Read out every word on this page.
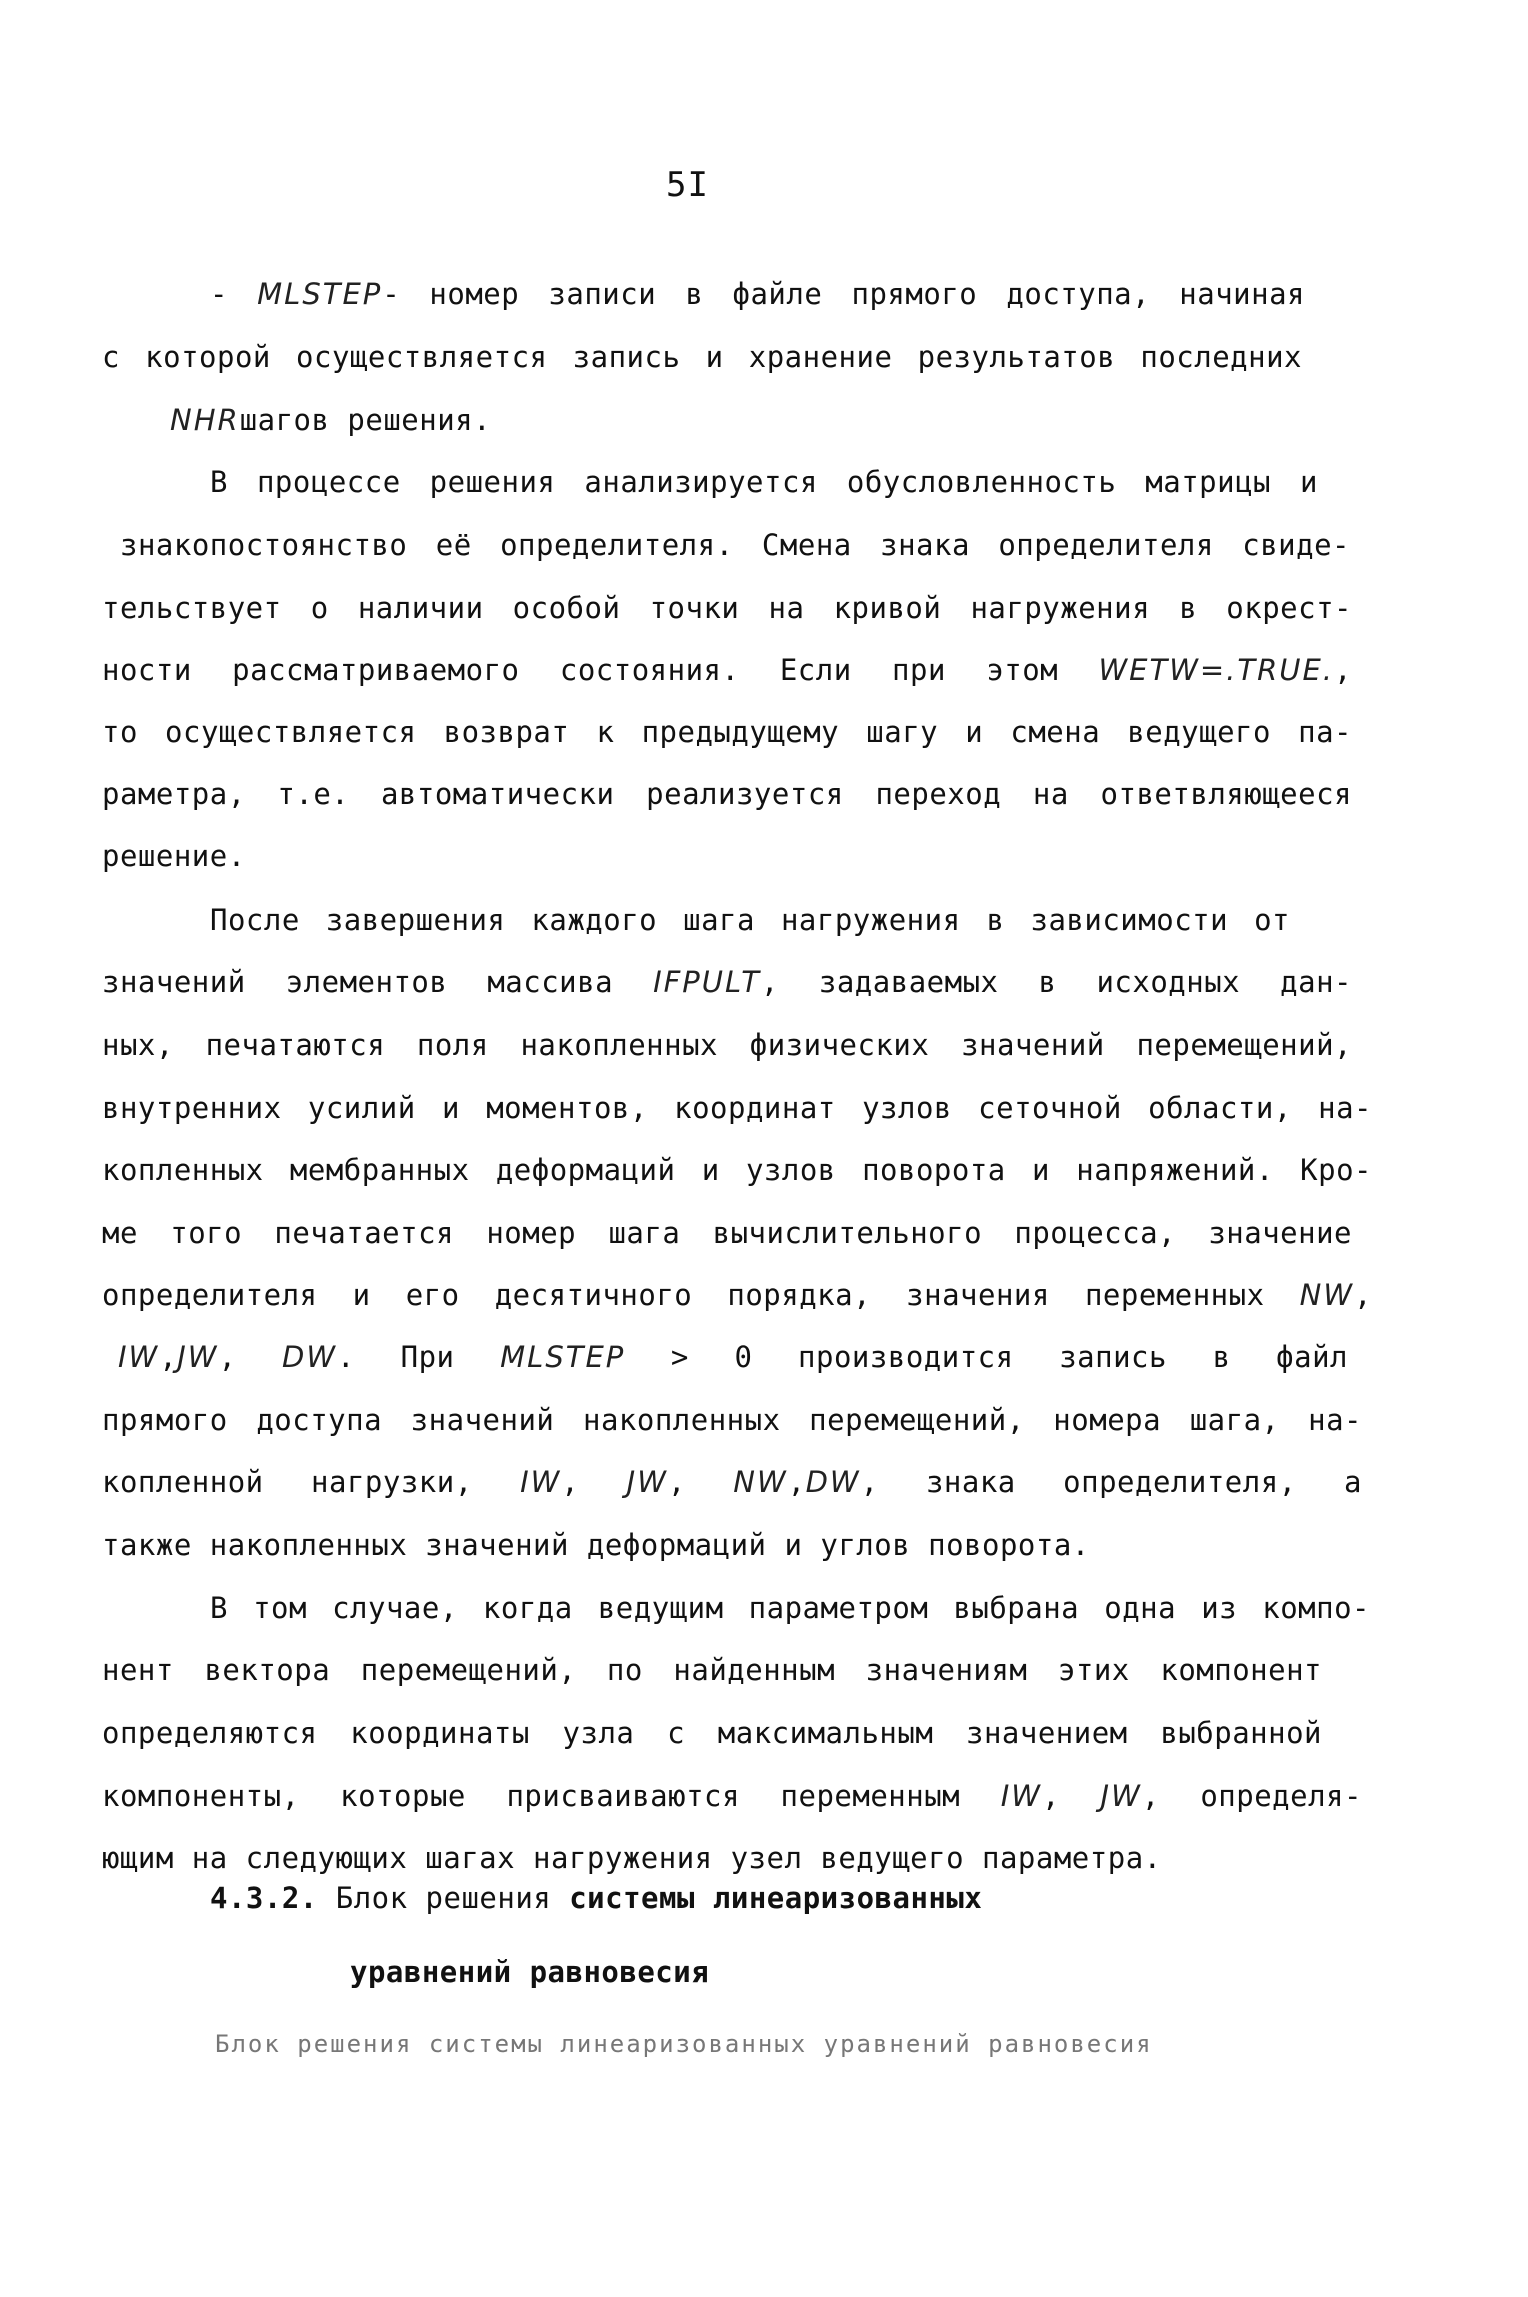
5I
- MLSTEP- номер записи в файле прямого доступа, начиная
с которой осуществляется запись и хранение результатов последних
NHRшагов решения.
В процессе решения анализируется обусловленность матрицы и
знакопостоянство её определителя. Смена знака определителя свиде-
тельствует о наличии особой точки на кривой нагружения в окрест-
ности рассматриваемого состояния. Если при этом WETW=.TRUE.,
то осуществляется возврат к предыдущему шагу и смена ведущего па-
раметра, т.е. автоматически реализуется переход на ответвляющееся
решение.
После завершения каждого шага нагружения в зависимости от
значений элементов массива IFPULT, задаваемых в исходных дан-
ных, печатаются поля накопленных физических значений перемещений,
внутренних усилий и моментов, координат узлов сеточной области, на-
копленных мембранных деформаций и узлов поворота и напряжений. Кро-
ме того печатается номер шага вычислительного процесса, значение
определителя и его десятичного порядка, значения переменных NW,
IW,JW, DW. При MLSTEP > 0 производится запись в файл
прямого доступа значений накопленных перемещений, номера шага, на-
копленной нагрузки, IW, JW, NW,DW, знака определителя, а
также накопленных значений деформаций и углов поворота.
В том случае, когда ведущим параметром выбрана одна из компо-
нент вектора перемещений, по найденным значениям этих компонент
определяются координаты узла с максимальным значением выбранной
компоненты, которые присваиваются переменным IW, JW, определя-
ющим на следующих шагах нагружения узел ведущего параметра.
4.3.2. Блок решения системы линеаризованных
уравнений равновесия
Блок решения системы линеаризованных уравнений равновесия
